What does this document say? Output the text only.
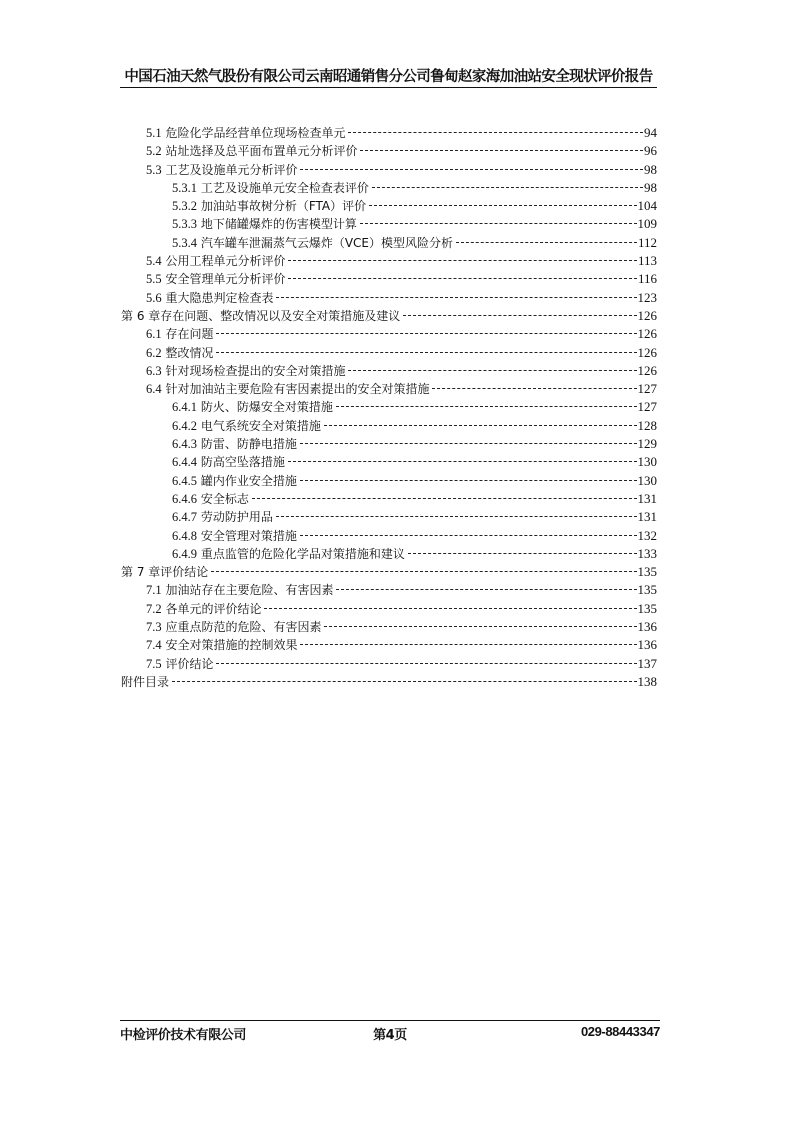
中国石油天然气股份有限公司云南昭通销售分公司鲁甸赵家海加油站安全现状评价报告
5.1 危险化学品经营单位现场检查单元	94
5.2 站址选择及总平面布置单元分析评价	96
5.3 工艺及设施单元分析评价	98
5.3.1 工艺及设施单元安全检查表评价	98
5.3.2 加油站事故树分析（FTA）评价	104
5.3.3 地下储罐爆炸的伤害模型计算	109
5.3.4 汽车罐车泄漏蒸气云爆炸（VCE）模型风险分析	112
5.4 公用工程单元分析评价	113
5.5 安全管理单元分析评价	116
5.6 重大隐患判定检查表	123
第 6 章存在问题、整改情况以及安全对策措施及建议	126
6.1 存在问题	126
6.2 整改情况	126
6.3 针对现场检查提出的安全对策措施	126
6.4 针对加油站主要危险有害因素提出的安全对策措施	127
6.4.1 防火、防爆安全对策措施	127
6.4.2 电气系统安全对策措施	128
6.4.3 防雷、防静电措施	129
6.4.4 防高空坠落措施	130
6.4.5 罐内作业安全措施	130
6.4.6 安全标志	131
6.4.7 劳动防护用品	131
6.4.8 安全管理对策措施	132
6.4.9 重点监管的危险化学品对策措施和建议	133
第 7 章评价结论	135
7.1 加油站存在主要危险、有害因素	135
7.2 各单元的评价结论	135
7.3 应重点防范的危险、有害因素	136
7.4 安全对策措施的控制效果	136
7.5 评价结论	137
附件目录	138
中检评价技术有限公司	第4页	029-88443347
